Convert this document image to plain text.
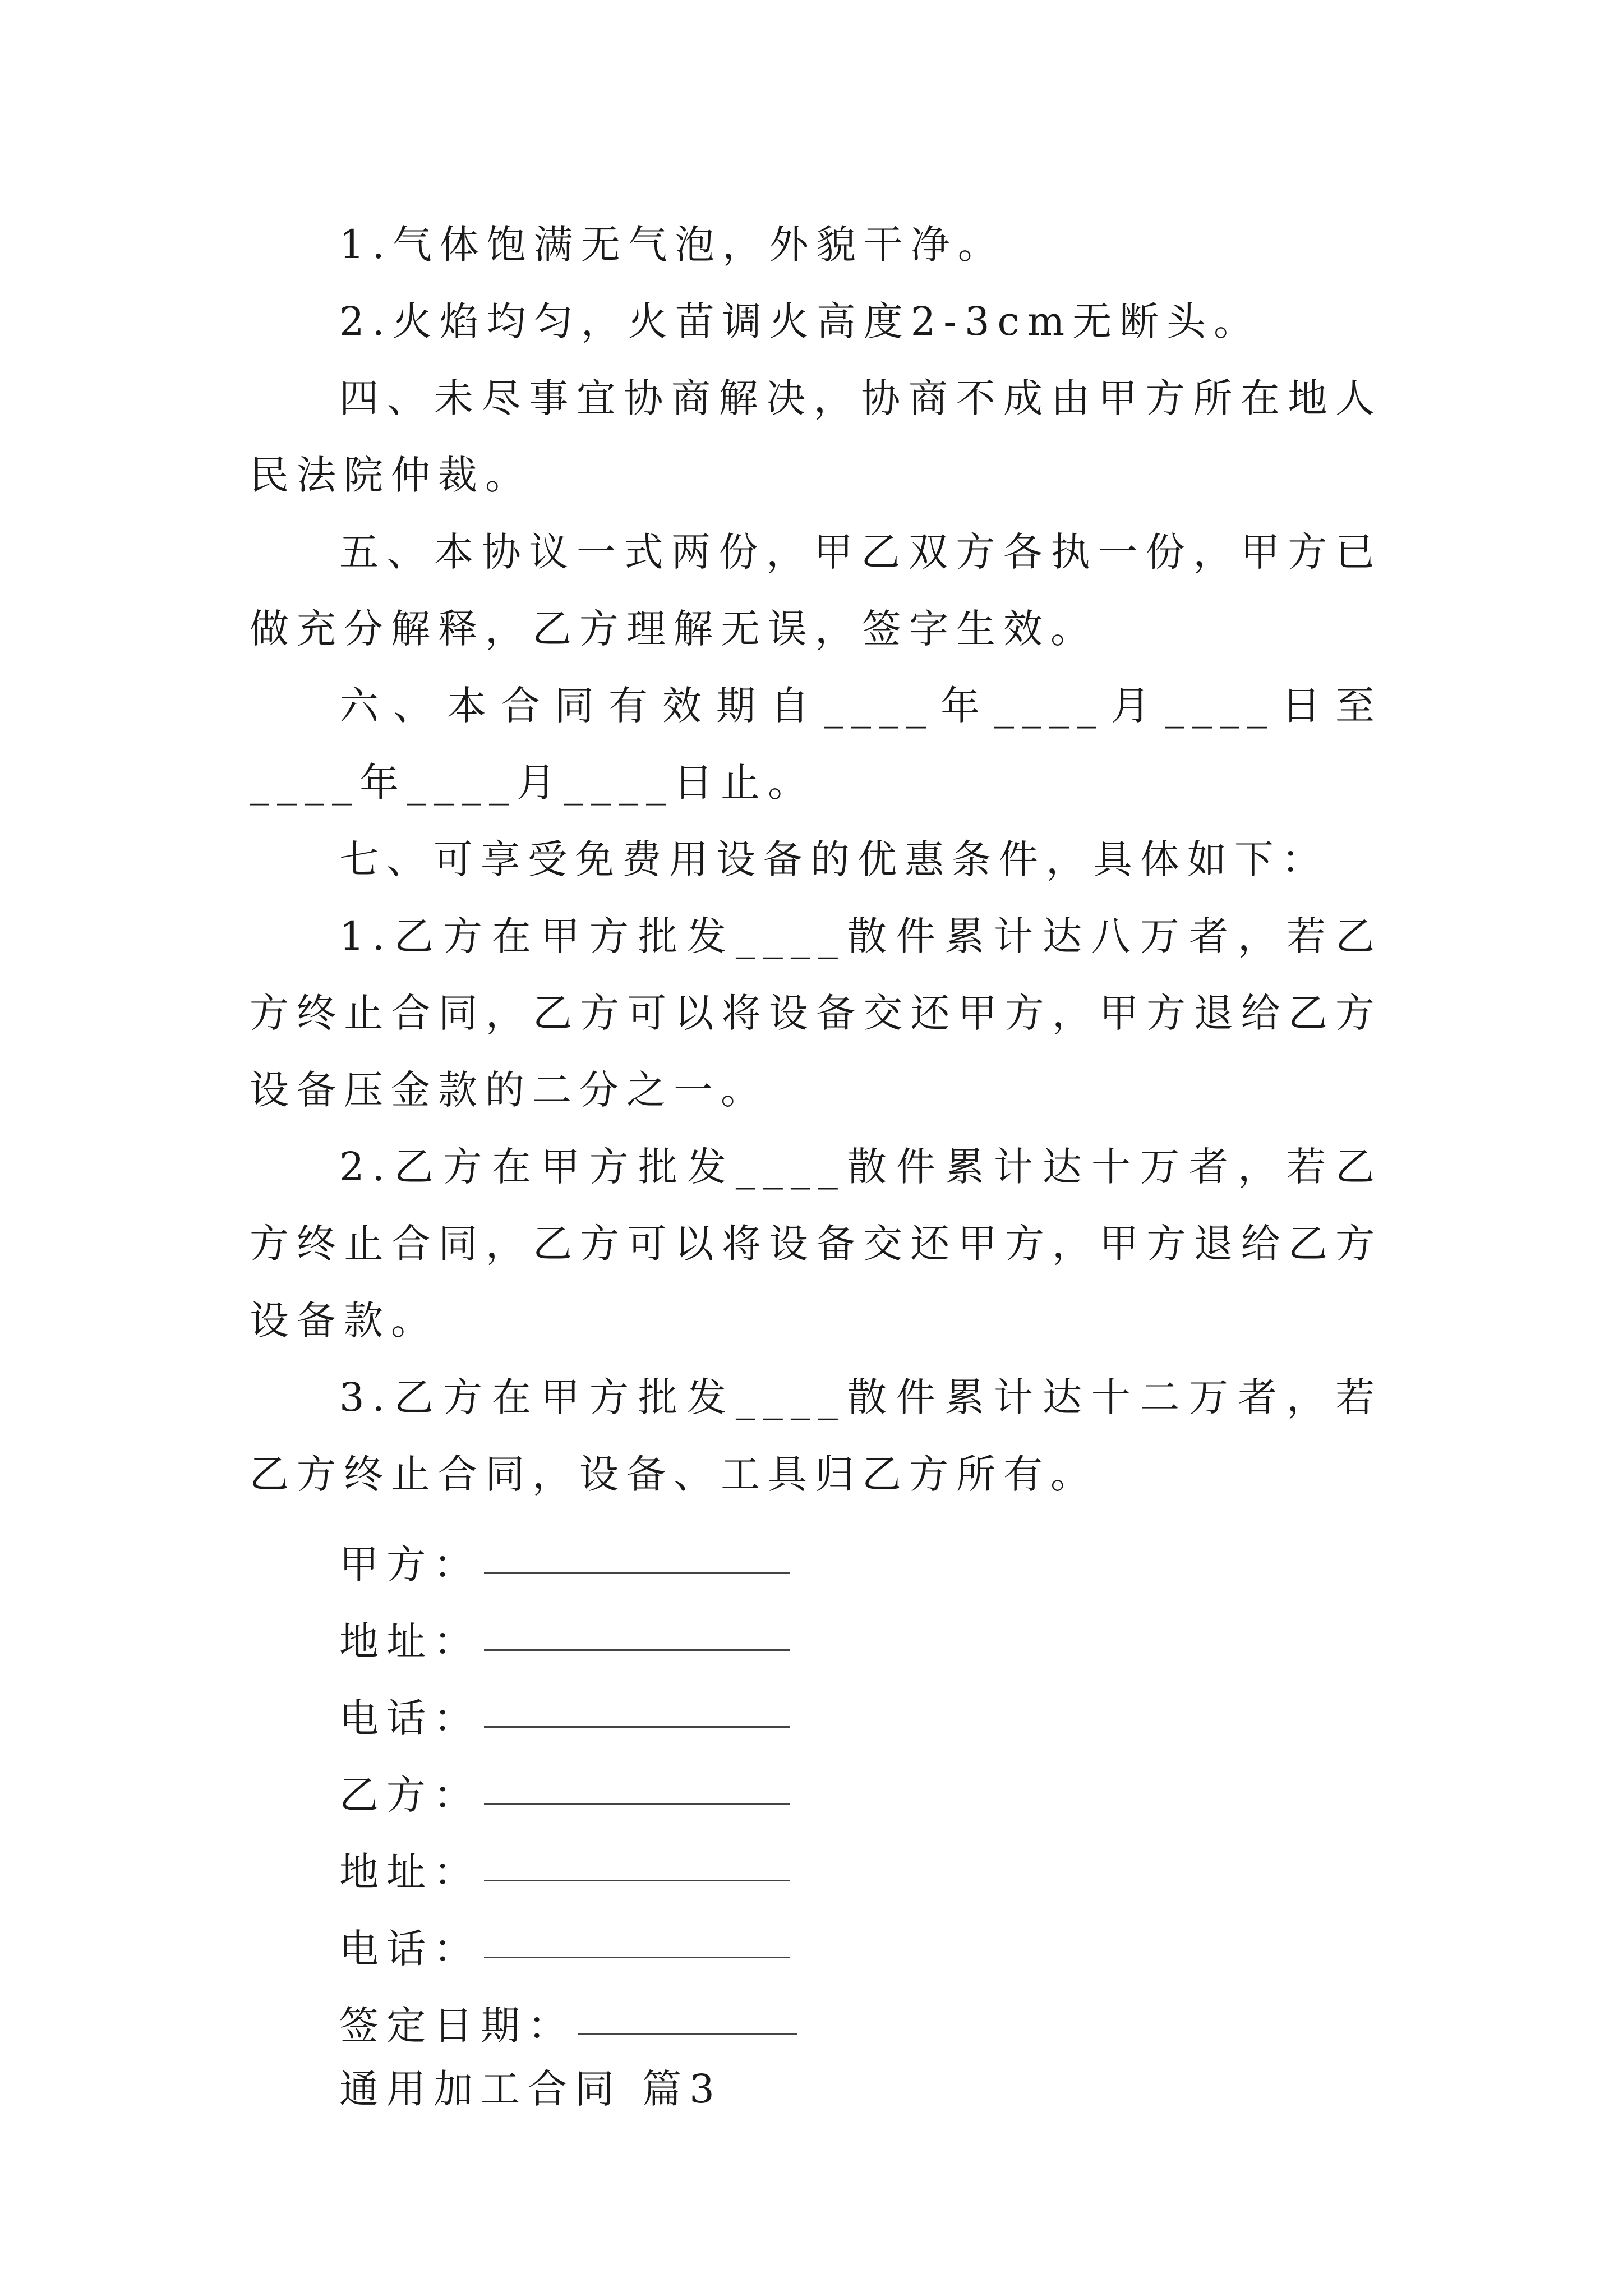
1.气体饱满无气泡，外貌干净。

2.火焰均匀，火苗调火高度2-3cm无断头。

四、未尽事宜协商解决，协商不成由甲方所在地人民法院仲裁。

五、本协议一式两份，甲乙双方各执一份，甲方已做充分解释，乙方理解无误，签字生效。

六、本合同有效期自____年____月____日至____年____月____日止。

七、可享受免费用设备的优惠条件，具体如下：

1.乙方在甲方批发____散件累计达八万者，若乙方终止合同，乙方可以将设备交还甲方，甲方退给乙方设备压金款的二分之一。

2.乙方在甲方批发____散件累计达十万者，若乙方终止合同，乙方可以将设备交还甲方，甲方退给乙方设备款。

3.乙方在甲方批发____散件累计达十二万者，若乙方终止合同，设备、工具归乙方所有。

甲方：
地址：
电话：
乙方：
地址：
电话：
签定日期：
通用加工合同 篇3
